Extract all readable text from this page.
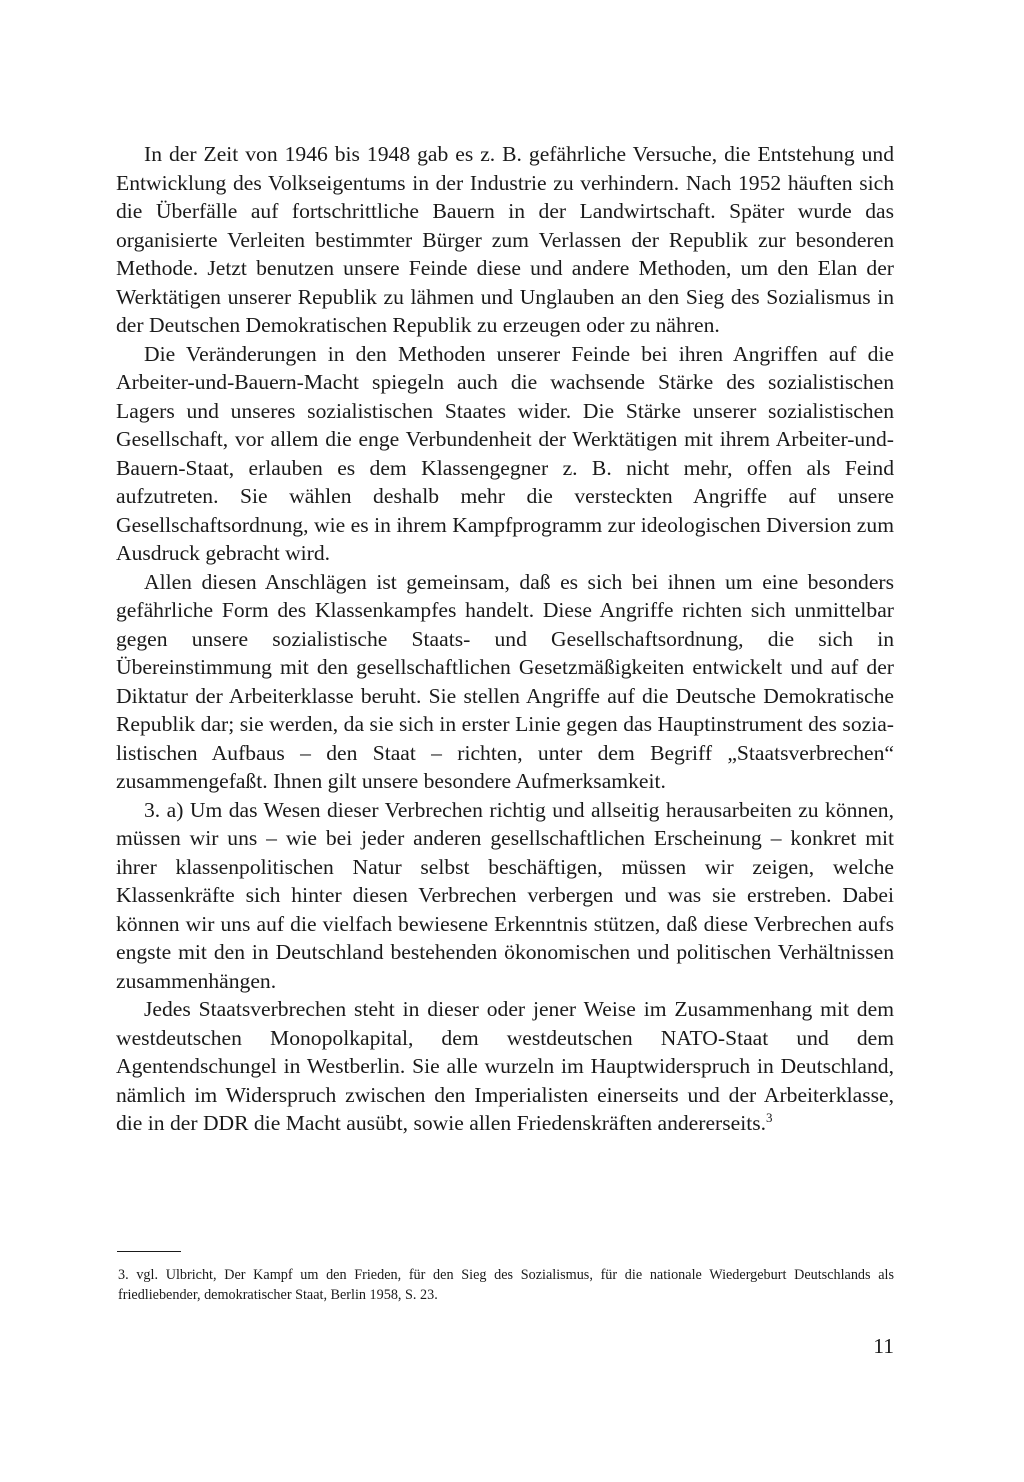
In der Zeit von 1946 bis 1948 gab es z. B. gefährliche Versuche, die Entstehung und Entwicklung des Volkseigentums in der Industrie zu verhindern. Nach 1952 häuften sich die Überfälle auf fortschrittliche Bauern in der Landwirtschaft. Später wurde das organisierte Verleiten bestimmter Bürger zum Verlassen der Republik zur besonderen Methode. Jetzt benutzen unsere Feinde diese und andere Methoden, um den Elan der Werktätigen unserer Republik zu lähmen und Unglauben an den Sieg des Sozialismus in der Deutschen Demokratischen Republik zu erzeugen oder zu nähren.

Die Veränderungen in den Methoden unserer Feinde bei ihren Angriffen auf die Arbeiter-und-Bauern-Macht spiegeln auch die wachsende Stärke des sozialistischen Lagers und unseres sozialistischen Staates wider. Die Stärke unserer sozialistischen Gesellschaft, vor allem die enge Verbundenheit der Werktätigen mit ihrem Arbeiter-und-Bauern-Staat, erlauben es dem Klassengegner z. B. nicht mehr, offen als Feind aufzutreten. Sie wählen deshalb mehr die versteckten Angriffe auf unsere Gesellschaftsordnung, wie es in ihrem Kampfprogramm zur ideologischen Diversion zum Ausdruck gebracht wird.

Allen diesen Anschlägen ist gemeinsam, daß es sich bei ihnen um eine besonders gefährliche Form des Klassenkampfes handelt. Diese Angriffe richten sich unmittelbar gegen unsere sozialistische Staats- und Gesellschaftsordnung, die sich in Übereinstimmung mit den gesellschaftlichen Gesetzmäßigkeiten entwickelt und auf der Diktatur der Arbeiterklasse beruht. Sie stellen Angriffe auf die Deutsche Demokratische Republik dar; sie werden, da sie sich in erster Linie gegen das Hauptinstrument des sozialistischen Aufbaus – den Staat – richten, unter dem Begriff „Staatsverbrechen“ zusammengefaßt. Ihnen gilt unsere besondere Aufmerksamkeit.

3. a) Um das Wesen dieser Verbrechen richtig und allseitig herausarbeiten zu können, müssen wir uns – wie bei jeder anderen gesellschaftlichen Erscheinung – konkret mit ihrer klassenpolitischen Natur selbst beschäftigen, müssen wir zeigen, welche Klassenkräfte sich hinter diesen Verbrechen verbergen und was sie erstreben. Dabei können wir uns auf die vielfach bewiesene Erkenntnis stützen, daß diese Verbrechen aufs engste mit den in Deutschland bestehenden ökonomischen und politischen Verhältnissen zusammenhängen.

Jedes Staatsverbrechen steht in dieser oder jener Weise im Zusammenhang mit dem westdeutschen Monopolkapital, dem westdeutschen NATO-Staat und dem Agentendschungel in Westberlin. Sie alle wurzeln im Hauptwiderspruch in Deutschland, nämlich im Widerspruch zwischen den Imperialisten einerseits und der Arbeiterklasse, die in der DDR die Macht ausübt, sowie allen Friedenskräften andererseits.$^3$

3. vgl. Ulbricht, Der Kampf um den Frieden, für den Sieg des Sozialismus, für die nationale Wiedergeburt Deutschlands als friedliebender, demokratischer Staat, Berlin 1958, S. 23.

11
